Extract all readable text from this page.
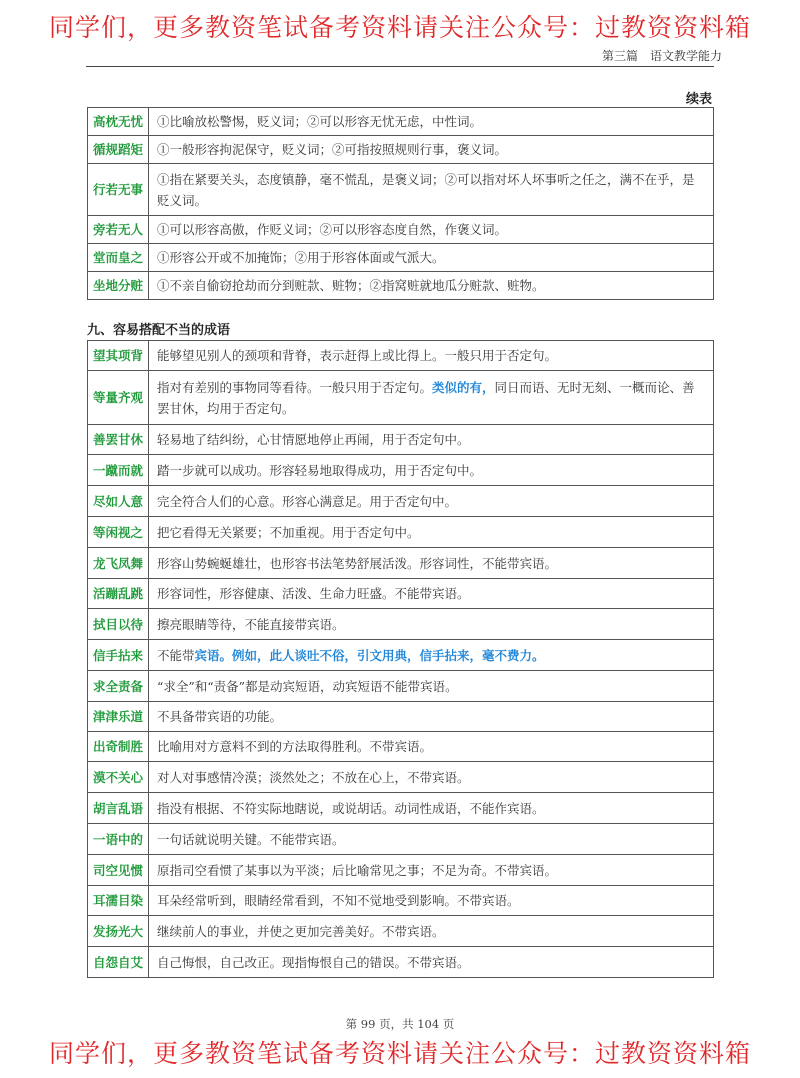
同学们，更多教资笔试备考资料请关注公众号：过教资资料箱
第三篇　语文教学能力
续表
高枕无忧	①比喻放松警惕，贬义词；②可以形容无忧无虑，中性词。
循规蹈矩	①一般形容拘泥保守，贬义词；②可指按照规则行事，褒义词。
行若无事	①指在紧要关头，态度镇静，毫不慌乱，是褒义词；②可以指对坏人坏事听之任之，满不在乎，是贬义词。
旁若无人	①可以形容高傲，作贬义词；②可以形容态度自然，作褒义词。
堂而皇之	①形容公开或不加掩饰；②用于形容体面或气派大。
坐地分赃	①不亲自偷窃抢劫而分到赃款、赃物；②指窝赃就地瓜分赃款、赃物。
九、容易搭配不当的成语
望其项背	能够望见别人的颈项和背脊，表示赶得上或比得上。一般只用于否定句。
等量齐观	指对有差别的事物同等看待。一般只用于否定句。类似的有，同日而语、无时无刻、一概而论、善罢甘休，均用于否定句。
善罢甘休	轻易地了结纠纷，心甘情愿地停止再闹，用于否定句中。
一蹴而就	踏一步就可以成功。形容轻易地取得成功，用于否定句中。
尽如人意	完全符合人们的心意。形容心满意足。用于否定句中。
等闲视之	把它看得无关紧要；不加重视。用于否定句中。
龙飞凤舞	形容山势蜿蜒雄壮，也形容书法笔势舒展活泼。形容词性，不能带宾语。
活蹦乱跳	形容词性，形容健康、活泼、生命力旺盛。不能带宾语。
拭目以待	擦亮眼睛等待，不能直接带宾语。
信手拈来	不能带宾语。例如，此人谈吐不俗，引文用典，信手拈来，毫不费力。
求全责备	“求全”和“责备”都是动宾短语，动宾短语不能带宾语。
津津乐道	不具备带宾语的功能。
出奇制胜	比喻用对方意料不到的方法取得胜利。不带宾语。
漠不关心	对人对事感情冷漠；淡然处之；不放在心上，不带宾语。
胡言乱语	指没有根据、不符实际地瞎说，或说胡话。动词性成语，不能作宾语。
一语中的	一句话就说明关键。不能带宾语。
司空见惯	原指司空看惯了某事以为平淡；后比喻常见之事；不足为奇。不带宾语。
耳濡目染	耳朵经常听到，眼睛经常看到，不知不觉地受到影响。不带宾语。
发扬光大	继续前人的事业，并使之更加完善美好。不带宾语。
自怨自艾	自己悔恨，自己改正。现指悔恨自己的错误。不带宾语。
第 99 页，共 104 页
同学们，更多教资笔试备考资料请关注公众号：过教资资料箱
